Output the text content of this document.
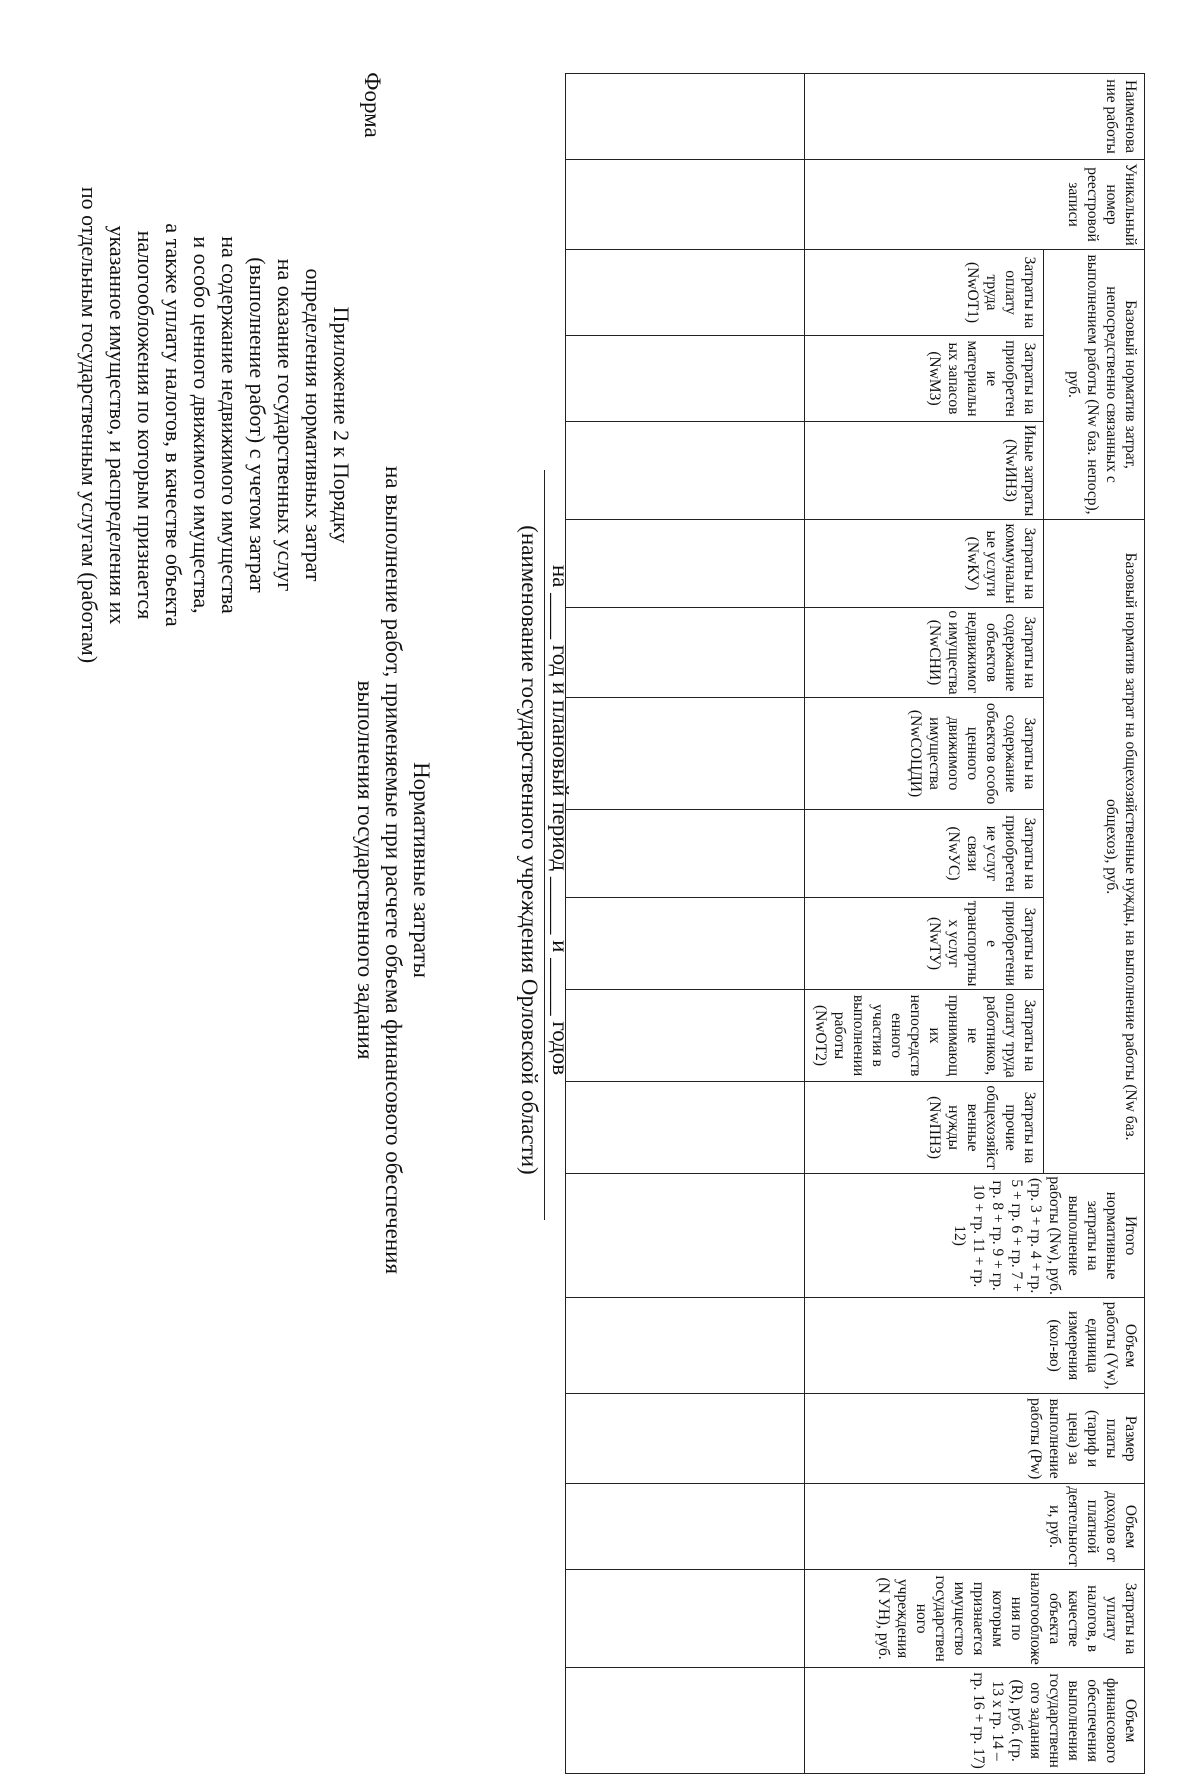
Приложение 2 к Порядку
определения нормативных затрат
на оказание государственных услуг
(выполнение работ) с учетом затрат
на содержание недвижимого имущества
и особо ценного движимого имущества,
а также уплату налогов, в качестве объекта
налогообложения по которым признается
указанное имущество, и распределения их
по отдельным государственным услугам (работам)
Форма
Нормативные затраты
на выполнение работ, применяемые при расчете объема финансового обеспечения
выполнения государственного задания	(наименование государственного учреждения Орловской области) на ____ год и плановый период _____ и _____ годов
Наименование работы	Уникальный номер реестровой записи	Базовый норматив затрат, непосредственно связанных с выполнением работы (Nw баз. непоср), руб.			Базовый норматив затрат на общехозяйственные нужды, на выполнение работы (Nw баз. общехоз), руб.							Итого нормативные затраты на выполнение работы (Nw), руб. (гр. 3 + гр. 4 + гр. 5 + гр. 6 + гр. 7 + гр. 8 + гр. 9 + гр. 10 + гр. 11 + гр. 12)	Объем работы (Vw), единица измерения (кол-во)	Размер платы (тариф и цена) за выполнение работы (Pw)	Объем доходов от платной деятельности, руб.	Затраты на уплату налогов, в качестве объекта налогообложения по которым признается имущество государственного учреждения (N УН), руб.	Объем финансового обеспечения выполнения государственного задания (R), руб. (гр. 13 х гр. 14 – гр. 16 + гр. 17)
		Затраты на оплату труда (NwОТ1)	Затраты на приобретение материальных запасов (NwМЗ)	Иные затраты (NwИНЗ)	Затраты на коммунальные услуги (NwКУ)	Затраты на содержание объектов недвижимого имущества (NwСНИ)	Затраты на содержание объектов особо ценного движимого имущества (NwСОЦДИ)	Затраты на приобретение услуг связи (NwУС)	Затраты на приобретение транспортных услуг (NwТУ)	Затраты на оплату труда работников, не принимающих непосредственного участия в выполнении работы (NwОТ2)	Затраты на прочие общехозяйственные нужды (NwПНЗ)						
